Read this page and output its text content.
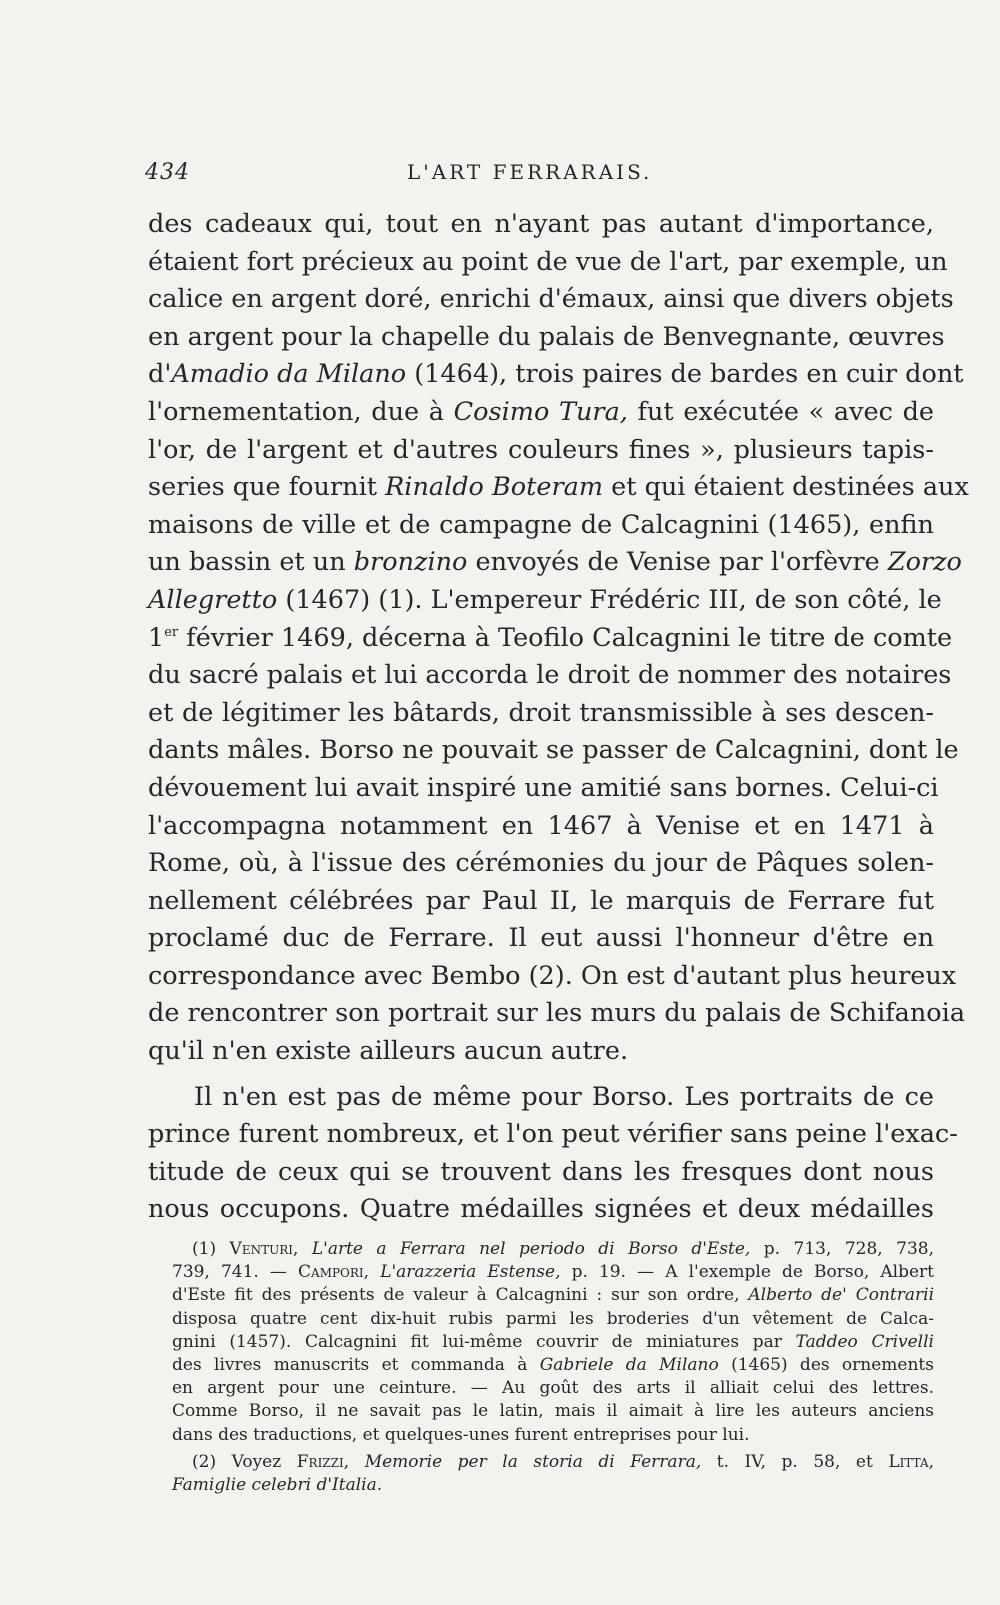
434	L'ART FERRARAIS.
des cadeaux qui, tout en n'ayant pas autant d'importance,
étaient fort précieux au point de vue de l'art, par exemple, un
calice en argent doré, enrichi d'émaux, ainsi que divers objets
en argent pour la chapelle du palais de Benvegnante, œuvres
d'Amadio da Milano (1464), trois paires de bardes en cuir dont
l'ornementation, due à Cosimo Tura, fut exécutée « avec de
l'or, de l'argent et d'autres couleurs fines », plusieurs tapis-
series que fournit Rinaldo Boteram et qui étaient destinées aux
maisons de ville et de campagne de Calcagnini (1465), enfin
un bassin et un bronzino envoyés de Venise par l'orfèvre Zorzo
Allegretto (1467) (1). L'empereur Frédéric III, de son côté, le
1er février 1469, décerna à Teofilo Calcagnini le titre de comte
du sacré palais et lui accorda le droit de nommer des notaires
et de légitimer les bâtards, droit transmissible à ses descen-
dants mâles. Borso ne pouvait se passer de Calcagnini, dont le
dévouement lui avait inspiré une amitié sans bornes. Celui-ci
l'accompagna notamment en 1467 à Venise et en 1471 à
Rome, où, à l'issue des cérémonies du jour de Pâques solen-
nellement célébrées par Paul II, le marquis de Ferrare fut
proclamé duc de Ferrare. Il eut aussi l'honneur d'être en
correspondance avec Bembo (2). On est d'autant plus heureux
de rencontrer son portrait sur les murs du palais de Schifanoia
qu'il n'en existe ailleurs aucun autre.
Il n'en est pas de même pour Borso. Les portraits de ce
prince furent nombreux, et l'on peut vérifier sans peine l'exac-
titude de ceux qui se trouvent dans les fresques dont nous
nous occupons. Quatre médailles signées et deux médailles
(1) Venturi, L'arte a Ferrara nel periodo di Borso d'Este, p. 713, 728, 738,
739, 741. — Campori, L'arazzeria Estense, p. 19. — A l'exemple de Borso, Albert
d'Este fit des présents de valeur à Calcagnini : sur son ordre, Alberto de' Contrarii
disposa quatre cent dix-huit rubis parmi les broderies d'un vêtement de Calca-
gnini (1457). Calcagnini fit lui-même couvrir de miniatures par Taddeo Crivelli
des livres manuscrits et commanda à Gabriele da Milano (1465) des ornements
en argent pour une ceinture. — Au goût des arts il alliait celui des lettres.
Comme Borso, il ne savait pas le latin, mais il aimait à lire les auteurs anciens
dans des traductions, et quelques-unes furent entreprises pour lui.
(2) Voyez Frizzi, Memorie per la storia di Ferrara, t. IV, p. 58, et Litta,
Famiglie celebri d'Italia.
